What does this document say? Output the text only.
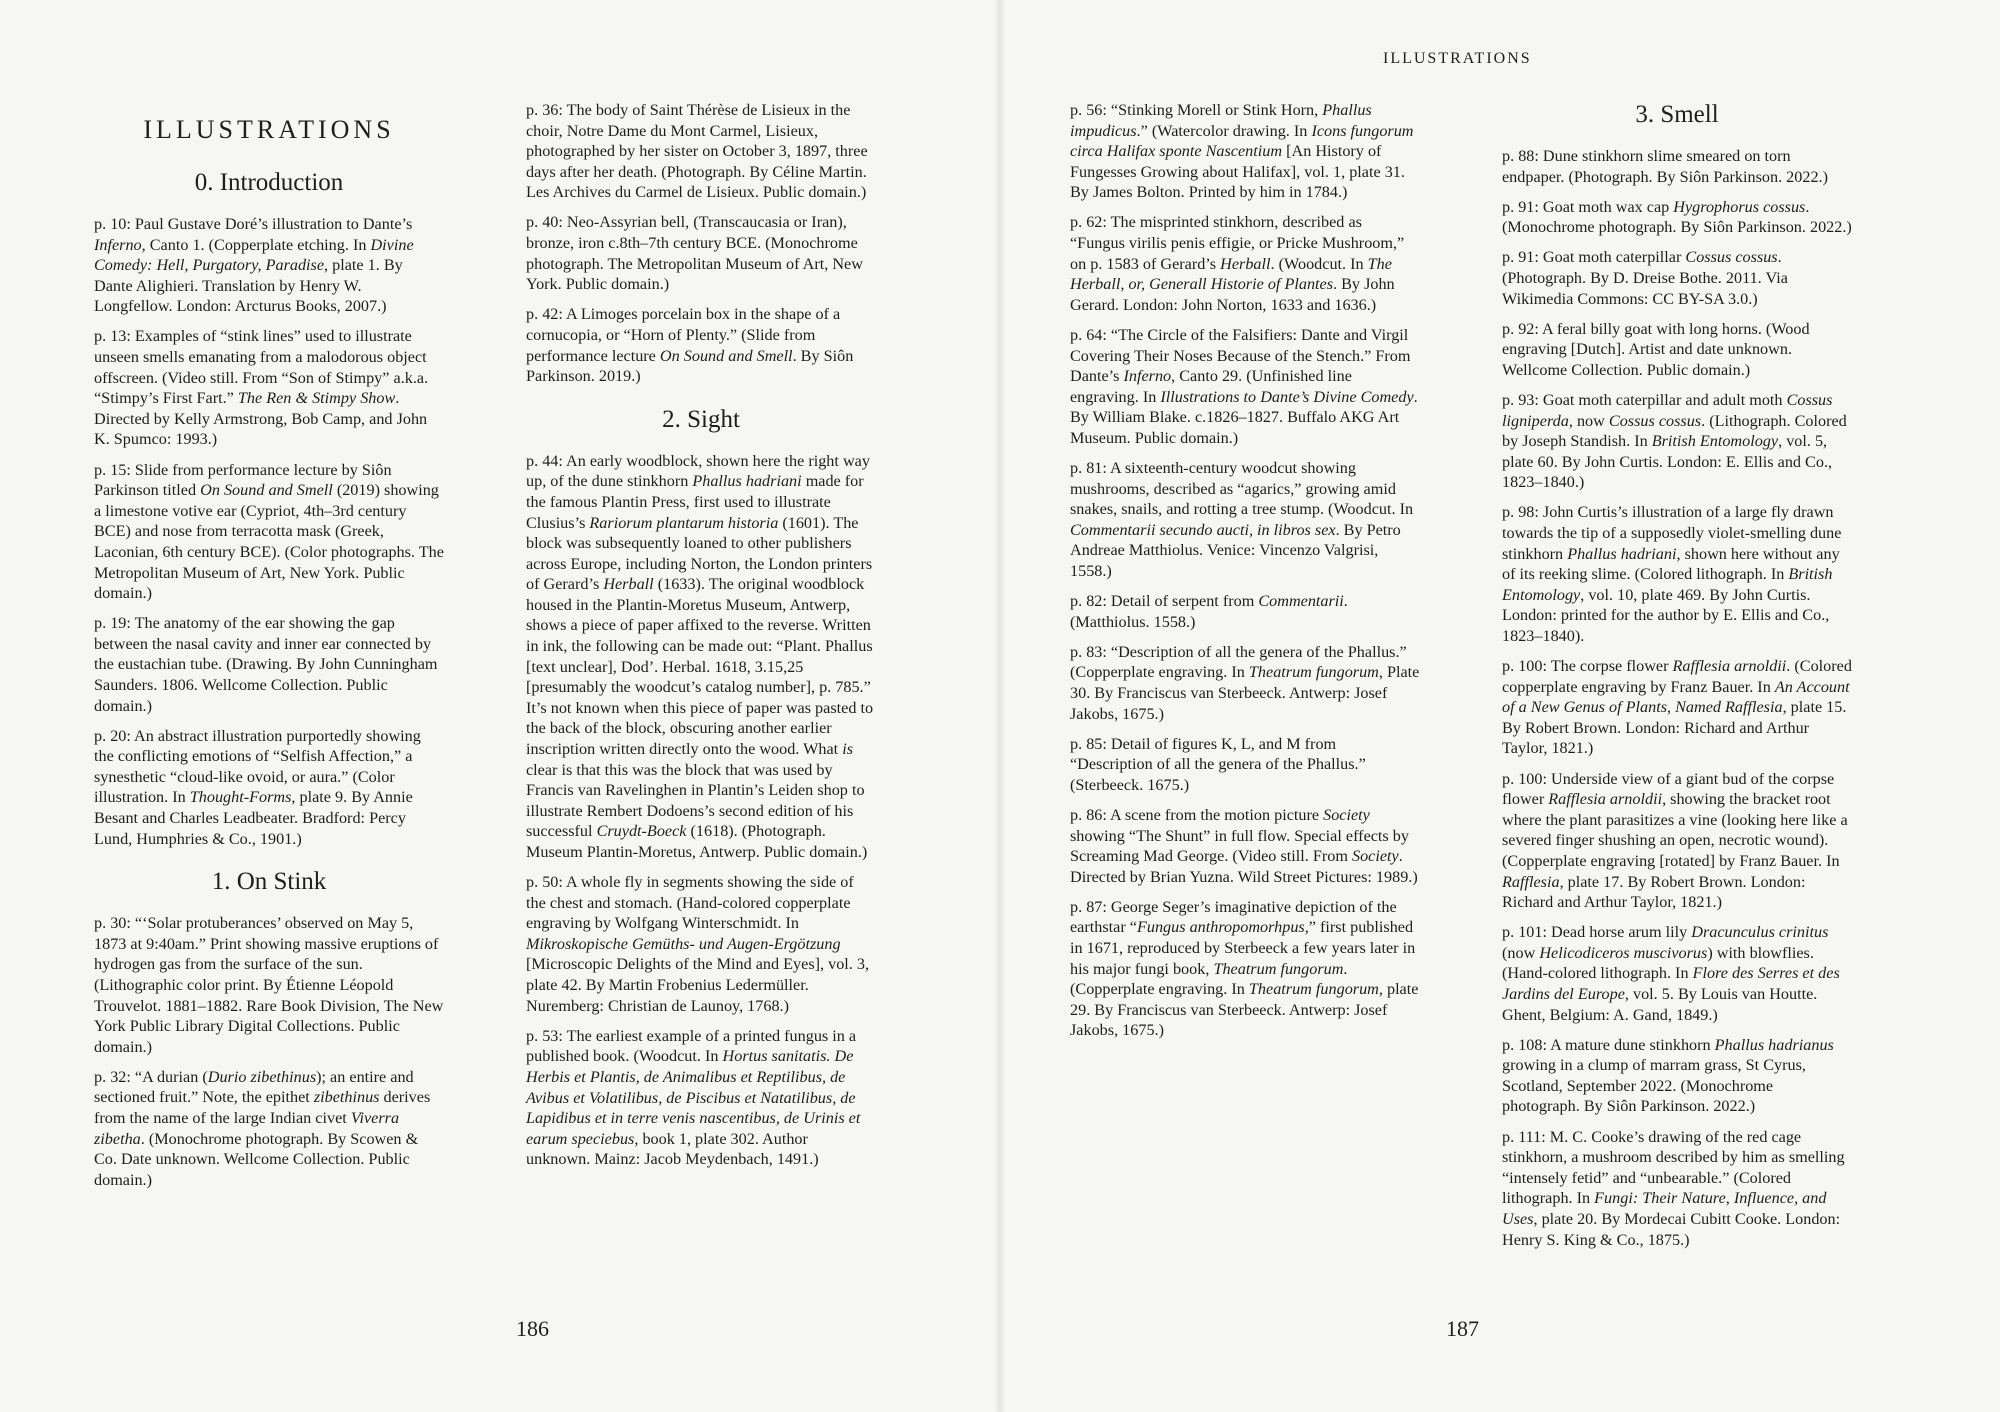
ILLUSTRATIONS
0. Introduction

p. 10: Paul Gustave Doré’s illustration to Dante’s Inferno, Canto 1. (Copperplate etching. In Divine Comedy: Hell, Purgatory, Paradise, plate 1. By Dante Alighieri. Translation by Henry W. Longfellow. London: Arcturus Books, 2007.)

p. 13: Examples of “stink lines” used to illustrate unseen smells emanating from a malodorous object offscreen. (Video still. From “Son of Stimpy” a.k.a. “Stimpy’s First Fart.” The Ren & Stimpy Show. Directed by Kelly Armstrong, Bob Camp, and John K. Spumco: 1993.)

p. 15: Slide from performance lecture by Siôn Parkinson titled On Sound and Smell (2019) showing a limestone votive ear (Cypriot, 4th–3rd century BCE) and nose from terracotta mask (Greek, Laconian, 6th century BCE). (Color photographs. The Metropolitan Museum of Art, New York. Public domain.)

p. 19: The anatomy of the ear showing the gap between the nasal cavity and inner ear connected by the eustachian tube. (Drawing. By John Cunningham Saunders. 1806. Wellcome Collection. Public domain.)

p. 20: An abstract illustration purportedly showing the conflicting emotions of “Selfish Affection,” a synesthetic “cloud-like ovoid, or aura.” (Color illustration. In Thought-Forms, plate 9. By Annie Besant and Charles Leadbeater. Bradford: Percy Lund, Humphries & Co., 1901.)

1. On Stink

p. 30: “‘Solar protuberances’ observed on May 5, 1873 at 9:40am.” Print showing massive eruptions of hydrogen gas from the surface of the sun. (Lithographic color print. By Étienne Léopold Trouvelot. 1881–1882. Rare Book Division, The New York Public Library Digital Collections. Public domain.)

p. 32: “A durian (Durio zibethinus); an entire and sectioned fruit.” Note, the epithet zibethinus derives from the name of the large Indian civet Viverra zibetha. (Monochrome photograph. By Scowen & Co. Date unknown. Wellcome Collection. Public domain.)

p. 36: The body of Saint Thérèse de Lisieux in the choir, Notre Dame du Mont Carmel, Lisieux, photographed by her sister on October 3, 1897, three days after her death. (Photograph. By Céline Martin. Les Archives du Carmel de Lisieux. Public domain.)

p. 40: Neo-Assyrian bell, (Transcaucasia or Iran), bronze, iron c.8th–7th century BCE. (Monochrome photograph. The Metropolitan Museum of Art, New York. Public domain.)

p. 42: A Limoges porcelain box in the shape of a cornucopia, or “Horn of Plenty.” (Slide from performance lecture On Sound and Smell. By Siôn Parkinson. 2019.)

2. Sight

p. 44: An early woodblock, shown here the right way up, of the dune stinkhorn Phallus hadriani made for the famous Plantin Press, first used to illustrate Clusius’s Rariorum plantarum historia (1601). The block was subsequently loaned to other publishers across Europe, including Norton, the London printers of Gerard’s Herball (1633). The original woodblock housed in the Plantin-Moretus Museum, Antwerp, shows a piece of paper affixed to the reverse. Written in ink, the following can be made out: “Plant. Phallus [text unclear], Dod’. Herbal. 1618, 3.15,25 [presumably the woodcut’s catalog number], p. 785.” It’s not known when this piece of paper was pasted to the back of the block, obscuring another earlier inscription written directly onto the wood. What is clear is that this was the block that was used by Francis van Ravelinghen in Plantin’s Leiden shop to illustrate Rembert Dodoens’s second edition of his successful Cruydt-Boeck (1618). (Photograph. Museum Plantin-Moretus, Antwerp. Public domain.)

p. 50: A whole fly in segments showing the side of the chest and stomach. (Hand-colored copperplate engraving by Wolfgang Winterschmidt. In Mikroskopische Gemüths- und Augen-Ergötzung [Microscopic Delights of the Mind and Eyes], vol. 3, plate 42. By Martin Frobenius Ledermüller. Nuremberg: Christian de Launoy, 1768.)

p. 53: The earliest example of a printed fungus in a published book. (Woodcut. In Hortus sanitatis. De Herbis et Plantis, de Animalibus et Reptilibus, de Avibus et Volatilibus, de Piscibus et Natatilibus, de Lapidibus et in terre venis nascentibus, de Urinis et earum speciebus, book 1, plate 302. Author unknown. Mainz: Jacob Meydenbach, 1491.)

186

p. 56: “Stinking Morell or Stink Horn, Phallus impudicus.” (Watercolor drawing. In Icons fungorum circa Halifax sponte Nascentium [An History of Fungesses Growing about Halifax], vol. 1, plate 31. By James Bolton. Printed by him in 1784.)

p. 62: The misprinted stinkhorn, described as “Fungus virilis penis effigie, or Pricke Mushroom,” on p. 1583 of Gerard’s Herball. (Woodcut. In The Herball, or, Generall Historie of Plantes. By John Gerard. London: John Norton, 1633 and 1636.)

p. 64: “The Circle of the Falsifiers: Dante and Virgil Covering Their Noses Because of the Stench.” From Dante’s Inferno, Canto 29. (Unfinished line engraving. In Illustrations to Dante’s Divine Comedy. By William Blake. c.1826–1827. Buffalo AKG Art Museum. Public domain.)

p. 81: A sixteenth-century woodcut showing mushrooms, described as “agarics,” growing amid snakes, snails, and rotting a tree stump. (Woodcut. In Commentarii secundo aucti, in libros sex. By Petro Andreae Matthiolus. Venice: Vincenzo Valgrisi, 1558.)

p. 82: Detail of serpent from Commentarii. (Matthiolus. 1558.)

p. 83: “Description of all the genera of the Phallus.” (Copperplate engraving. In Theatrum fungorum, Plate 30. By Franciscus van Sterbeeck. Antwerp: Josef Jakobs, 1675.)

p. 85: Detail of figures K, L, and M from “Description of all the genera of the Phallus.” (Sterbeeck. 1675.)

p. 86: A scene from the motion picture Society showing “The Shunt” in full flow. Special effects by Screaming Mad George. (Video still. From Society. Directed by Brian Yuzna. Wild Street Pictures: 1989.)

p. 87: George Seger’s imaginative depiction of the earthstar “Fungus anthropomorhpus,” first published in 1671, reproduced by Sterbeeck a few years later in his major fungi book, Theatrum fungorum. (Copperplate engraving. In Theatrum fungorum, plate 29. By Franciscus van Sterbeeck. Antwerp: Josef Jakobs, 1675.)

3. Smell

p. 88: Dune stinkhorn slime smeared on torn endpaper. (Photograph. By Siôn Parkinson. 2022.)

p. 91: Goat moth wax cap Hygrophorus cossus. (Monochrome photograph. By Siôn Parkinson. 2022.)

p. 91: Goat moth caterpillar Cossus cossus. (Photograph. By D. Dreise Bothe. 2011. Via Wikimedia Commons: CC BY-SA 3.0.)

p. 92: A feral billy goat with long horns. (Wood engraving [Dutch]. Artist and date unknown. Wellcome Collection. Public domain.)

p. 93: Goat moth caterpillar and adult moth Cossus ligniperda, now Cossus cossus. (Lithograph. Colored by Joseph Standish. In British Entomology, vol. 5, plate 60. By John Curtis. London: E. Ellis and Co., 1823–1840.)

p. 98: John Curtis’s illustration of a large fly drawn towards the tip of a supposedly violet-smelling dune stinkhorn Phallus hadriani, shown here without any of its reeking slime. (Colored lithograph. In British Entomology, vol. 10, plate 469. By John Curtis. London: printed for the author by E. Ellis and Co., 1823–1840).

p. 100: The corpse flower Rafflesia arnoldii. (Colored copperplate engraving by Franz Bauer. In An Account of a New Genus of Plants, Named Rafflesia, plate 15. By Robert Brown. London: Richard and Arthur Taylor, 1821.)

p. 100: Underside view of a giant bud of the corpse flower Rafflesia arnoldii, showing the bracket root where the plant parasitizes a vine (looking here like a severed finger shushing an open, necrotic wound). (Copperplate engraving [rotated] by Franz Bauer. In Rafflesia, plate 17. By Robert Brown. London: Richard and Arthur Taylor, 1821.)

p. 101: Dead horse arum lily Dracunculus crinitus (now Helicodiceros muscivorus) with blowflies. (Hand-colored lithograph. In Flore des Serres et des Jardins del Europe, vol. 5. By Louis van Houtte. Ghent, Belgium: A. Gand, 1849.)

p. 108: A mature dune stinkhorn Phallus hadrianus growing in a clump of marram grass, St Cyrus, Scotland, September 2022. (Monochrome photograph. By Siôn Parkinson. 2022.)

p. 111: M. C. Cooke’s drawing of the red cage stinkhorn, a mushroom described by him as smelling “intensely fetid” and “unbearable.” (Colored lithograph. In Fungi: Their Nature, Influence, and Uses, plate 20. By Mordecai Cubitt Cooke. London: Henry S. King & Co., 1875.)

187
ILLUSTRATIONS
